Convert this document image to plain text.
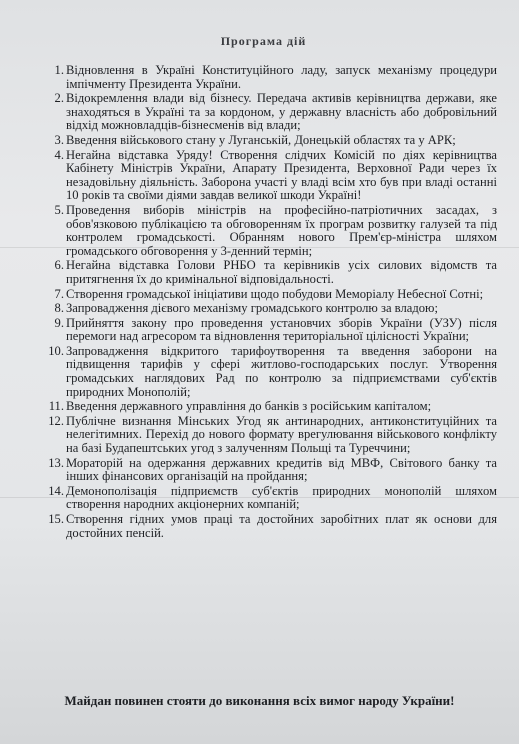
Програма дій
1. Відновлення в Україні Конституційного ладу, запуск механізму процедури імпічменту Президента України.
2. Відокремлення влади від бізнесу. Передача активів керівництва держави, яке знаходяться в Україні та за кордоном, у державну власність або добровільний відхід можновладців-бізнесменів від влади;
3. Введення військового стану у Луганській, Донецькій областях та у АРК;
4. Негайна відставка Уряду! Створення слідчих Комісій по діях керівництва Кабінету Міністрів України, Апарату Президента, Верховної Ради через їх незадовільну діяльність. Заборона участі у владі всім хто був при владі останні 10 років та своїми діями завдав великої шкоди Україні!
5. Проведення виборів міністрів на професійно-патріотичних засадах, з обов'язковою публікацією та обговоренням їх програм розвитку галузей та під контролем громадськості. Обранням нового Прем'єр-міністра шляхом громадського обговорення у 3-денний термін;
6. Негайна відставка Голови РНБО та керівників усіх силових відомств та притягнення їх до кримінальної відповідальності.
7. Створення громадської ініціативи щодо побудови Меморіалу Небесної Сотні;
8. Запровадження дієвого механізму громадського контролю за владою;
9. Прийняття закону про проведення установчих зборів України (УЗУ) після перемоги над агресором та відновлення територіальної цілісності України;
10. Запровадження відкритого тарифоутворення та введення заборони на підвищення тарифів у сфері житлово-господарських послуг. Утворення громадських наглядових Рад по контролю за підприємствами суб'єктів природних Монополій;
11. Введення державного управління до банків з російським капіталом;
12. Публічне визнання Мінських Угод як антинародних, антиконституційних та нелегітимних. Перехід до нового формату врегулювання військового конфлікту на базі Будапештських угод з залученням Польщі та Туреччини;
13. Мораторій на одержання державних кредитів від МВФ, Світового банку та інших фінансових організацій на пройдання;
14. Демонополізація підприємств суб'єктів природних монополій шляхом створення народних акціонерних компаній;
15. Створення гідних умов праці та достойних заробітних плат як основи для достойних пенсій.
Майдан повинен стояти до виконання всіх вимог народу України!
